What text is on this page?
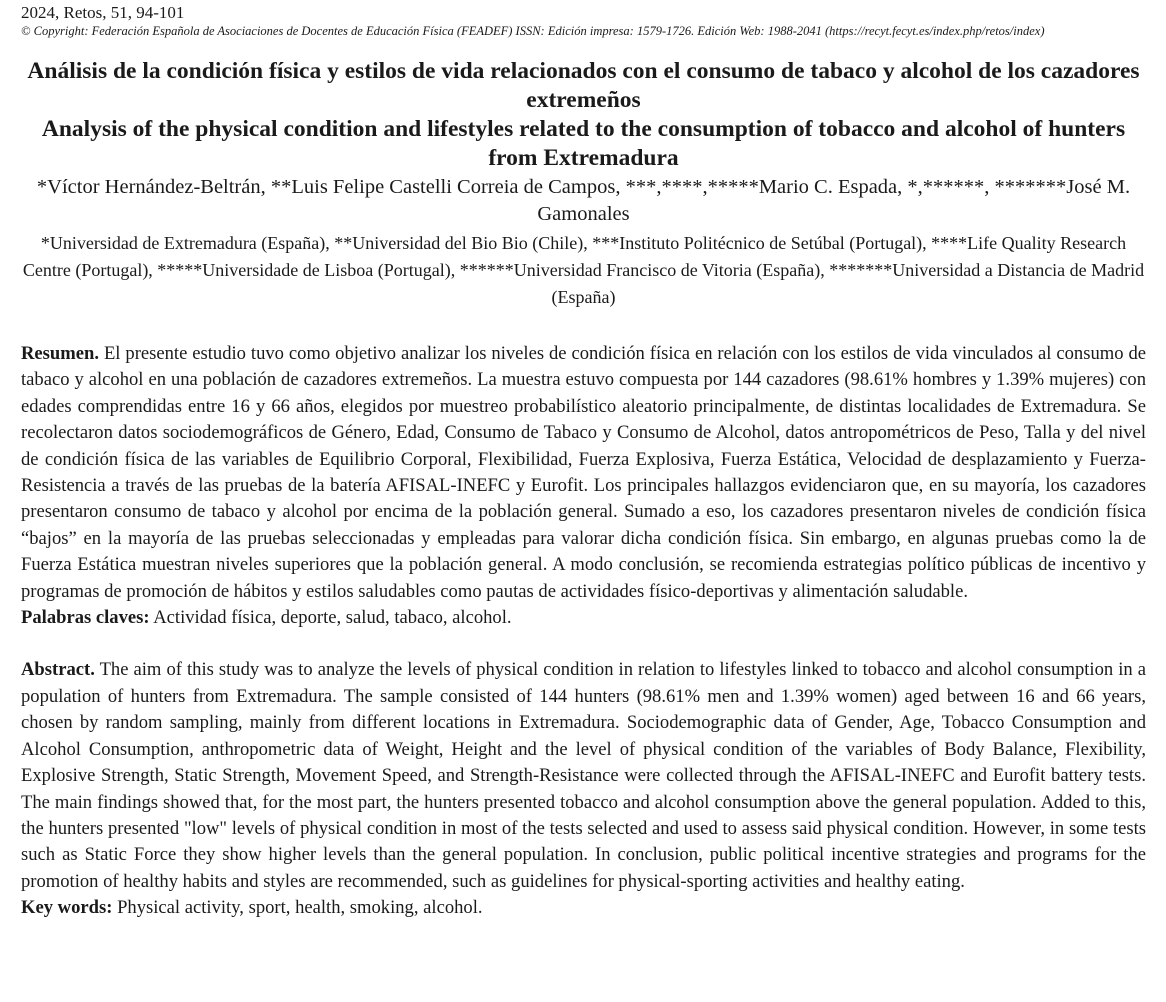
2024, Retos, 51, 94-101
© Copyright: Federación Española de Asociaciones de Docentes de Educación Física (FEADEF) ISSN: Edición impresa: 1579-1726. Edición Web: 1988-2041 (https://recyt.fecyt.es/index.php/retos/index)
Análisis de la condición física y estilos de vida relacionados con el consumo de tabaco y alcohol de los cazadores extremeños
Analysis of the physical condition and lifestyles related to the consumption of tobacco and alcohol of hunters from Extremadura
*Víctor Hernández-Beltrán, **Luis Felipe Castelli Correia de Campos, ***,****,*****Mario C. Espada, *,******, *******José M. Gamonales
*Universidad de Extremadura (España), **Universidad del Bio Bio (Chile), ***Instituto Politécnico de Setúbal (Portugal), ****Life Quality Research Centre (Portugal), *****Universidade de Lisboa (Portugal), ******Universidad Francisco de Vitoria (España), *******Universidad a Distancia de Madrid (España)

Resumen. El presente estudio tuvo como objetivo analizar los niveles de condición física en relación con los estilos de vida vinculados al consumo de tabaco y alcohol en una población de cazadores extremeños. La muestra estuvo compuesta por 144 cazadores (98.61% hombres y 1.39% mujeres) con edades comprendidas entre 16 y 66 años, elegidos por muestreo probabilístico aleatorio principalmente, de distintas localidades de Extremadura. Se recolectaron datos sociodemográficos de Género, Edad, Consumo de Tabaco y Consumo de Alcohol, datos antropométricos de Peso, Talla y del nivel de condición física de las variables de Equilibrio Corporal, Flexibilidad, Fuerza Explosiva, Fuerza Estática, Velocidad de desplazamiento y Fuerza-Resistencia a través de las pruebas de la batería AFISAL-INEFC y Eurofit. Los principales hallazgos evidenciaron que, en su mayoría, los cazadores presentaron consumo de tabaco y alcohol por encima de la población general. Sumado a eso, los cazadores presentaron niveles de condición física “bajos” en la mayoría de las pruebas seleccionadas y empleadas para valorar dicha condición física. Sin embargo, en algunas pruebas como la de Fuerza Estática muestran niveles superiores que la población general. A modo conclusión, se recomienda estrategias político públicas de incentivo y programas de promoción de hábitos y estilos saludables como pautas de actividades físico-deportivas y alimentación saludable.

Palabras claves: Actividad física, deporte, salud, tabaco, alcohol.

Abstract. The aim of this study was to analyze the levels of physical condition in relation to lifestyles linked to tobacco and alcohol consumption in a population of hunters from Extremadura. The sample consisted of 144 hunters (98.61% men and 1.39% women) aged between 16 and 66 years, chosen by random sampling, mainly from different locations in Extremadura. Sociodemographic data of Gender, Age, Tobacco Consumption and Alcohol Consumption, anthropometric data of Weight, Height and the level of physical condition of the variables of Body Balance, Flexibility, Explosive Strength, Static Strength, Movement Speed, and Strength-Resistance were collected through the AFISAL-INEFC and Eurofit battery tests. The main findings showed that, for the most part, the hunters presented tobacco and alcohol consumption above the general population. Added to this, the hunters presented "low" levels of physical condition in most of the tests selected and used to assess said physical condition. However, in some tests such as Static Force they show higher levels than the general population. In conclusion, public political incentive strategies and programs for the promotion of healthy habits and styles are recommended, such as guidelines for physical-sporting activities and healthy eating.

Key words: Physical activity, sport, health, smoking, alcohol.
